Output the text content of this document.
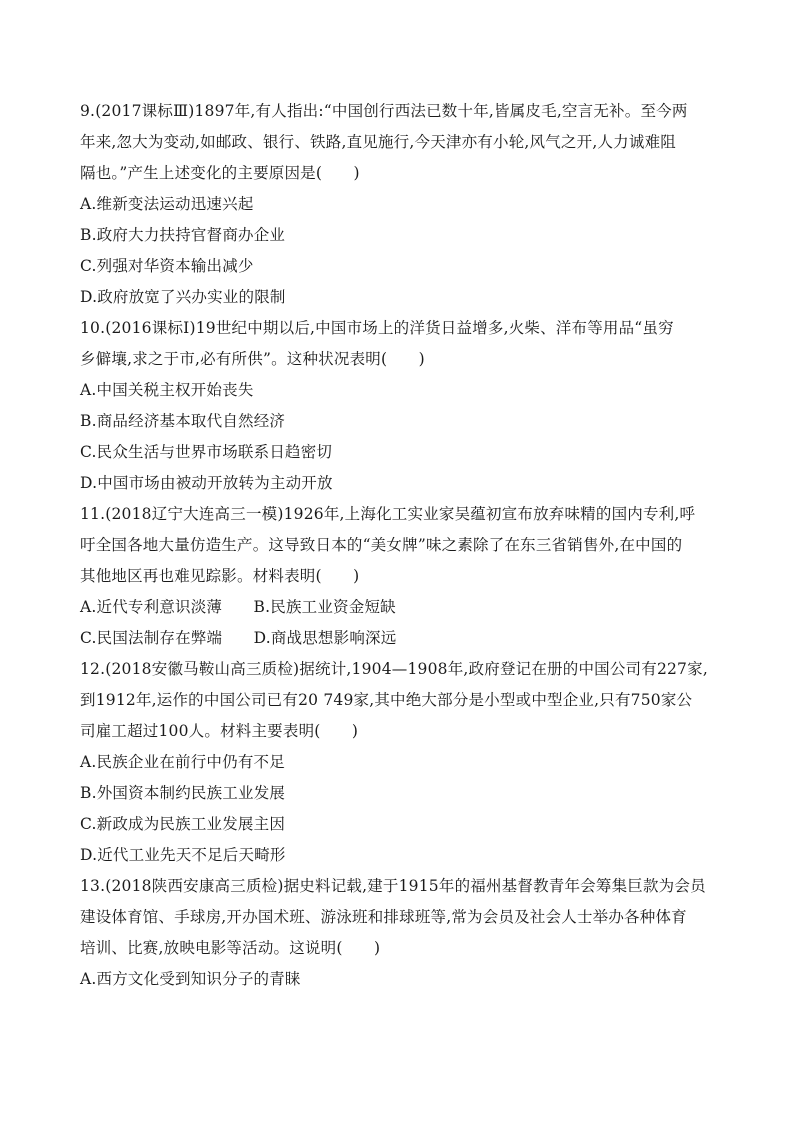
9.(2017课标Ⅲ)1897年,有人指出:“中国创行西法已数十年,皆属皮毛,空言无补。至今两
年来,忽大为变动,如邮政、银行、铁路,直见施行,今天津亦有小轮,风气之开,人力诚难阻
隔也。”产生上述变化的主要原因是(　　)
A.维新变法运动迅速兴起
B.政府大力扶持官督商办企业
C.列强对华资本输出减少
D.政府放宽了兴办实业的限制
10.(2016课标Ⅰ)19世纪中期以后,中国市场上的洋货日益增多,火柴、洋布等用品“虽穷
乡僻壤,求之于市,必有所供”。这种状况表明(　　)
A.中国关税主权开始丧失
B.商品经济基本取代自然经济
C.民众生活与世界市场联系日趋密切
D.中国市场由被动开放转为主动开放
11.(2018辽宁大连高三一模)1926年,上海化工实业家吴蕴初宣布放弃味精的国内专利,呼
吁全国各地大量仿造生产。这导致日本的“美女牌”味之素除了在东三省销售外,在中国的
其他地区再也难见踪影。材料表明(　　)
A.近代专利意识淡薄　　B.民族工业资金短缺
C.民国法制存在弊端　　D.商战思想影响深远
12.(2018安徽马鞍山高三质检)据统计,1904—1908年,政府登记在册的中国公司有227家,
到1912年,运作的中国公司已有20 749家,其中绝大部分是小型或中型企业,只有750家公
司雇工超过100人。材料主要表明(　　)
A.民族企业在前行中仍有不足
B.外国资本制约民族工业发展
C.新政成为民族工业发展主因
D.近代工业先天不足后天畸形
13.(2018陕西安康高三质检)据史料记载,建于1915年的福州基督教青年会筹集巨款为会员
建设体育馆、手球房,开办国术班、游泳班和排球班等,常为会员及社会人士举办各种体育
培训、比赛,放映电影等活动。这说明(　　)
A.西方文化受到知识分子的青睐
